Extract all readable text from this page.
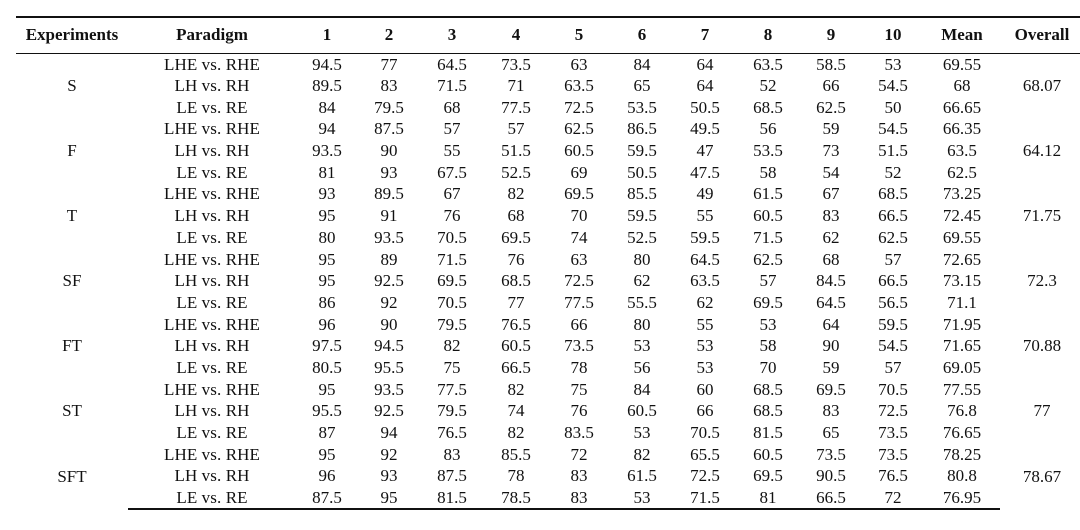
Experiments	Paradigm	1	2	3	4	5	6	7	8	9	10	Mean	Overall
S	LHE vs. RHE	94.5	77	64.5	73.5	63	84	64	63.5	58.5	53	69.55	68.07
	LH vs. RH	89.5	83	71.5	71	63.5	65	64	52	66	54.5	68	
	LE vs. RE	84	79.5	68	77.5	72.5	53.5	50.5	68.5	62.5	50	66.65	
F	LHE vs. RHE	94	87.5	57	57	62.5	86.5	49.5	56	59	54.5	66.35	64.12
	LH vs. RH	93.5	90	55	51.5	60.5	59.5	47	53.5	73	51.5	63.5	
	LE vs. RE	81	93	67.5	52.5	69	50.5	47.5	58	54	52	62.5	
T	LHE vs. RHE	93	89.5	67	82	69.5	85.5	49	61.5	67	68.5	73.25	71.75
	LH vs. RH	95	91	76	68	70	59.5	55	60.5	83	66.5	72.45	
	LE vs. RE	80	93.5	70.5	69.5	74	52.5	59.5	71.5	62	62.5	69.55	
SF	LHE vs. RHE	95	89	71.5	76	63	80	64.5	62.5	68	57	72.65	72.3
	LH vs. RH	95	92.5	69.5	68.5	72.5	62	63.5	57	84.5	66.5	73.15	
	LE vs. RE	86	92	70.5	77	77.5	55.5	62	69.5	64.5	56.5	71.1	
FT	LHE vs. RHE	96	90	79.5	76.5	66	80	55	53	64	59.5	71.95	70.88
	LH vs. RH	97.5	94.5	82	60.5	73.5	53	53	58	90	54.5	71.65	
	LE vs. RE	80.5	95.5	75	66.5	78	56	53	70	59	57	69.05	
ST	LHE vs. RHE	95	93.5	77.5	82	75	84	60	68.5	69.5	70.5	77.55	77
	LH vs. RH	95.5	92.5	79.5	74	76	60.5	66	68.5	83	72.5	76.8	
	LE vs. RE	87	94	76.5	82	83.5	53	70.5	81.5	65	73.5	76.65	
SFT	LHE vs. RHE	95	92	83	85.5	72	82	65.5	60.5	73.5	73.5	78.25	78.67
	LH vs. RH	96	93	87.5	78	83	61.5	72.5	69.5	90.5	76.5	80.8	
	LE vs. RE	87.5	95	81.5	78.5	83	53	71.5	81	66.5	72	76.95	
